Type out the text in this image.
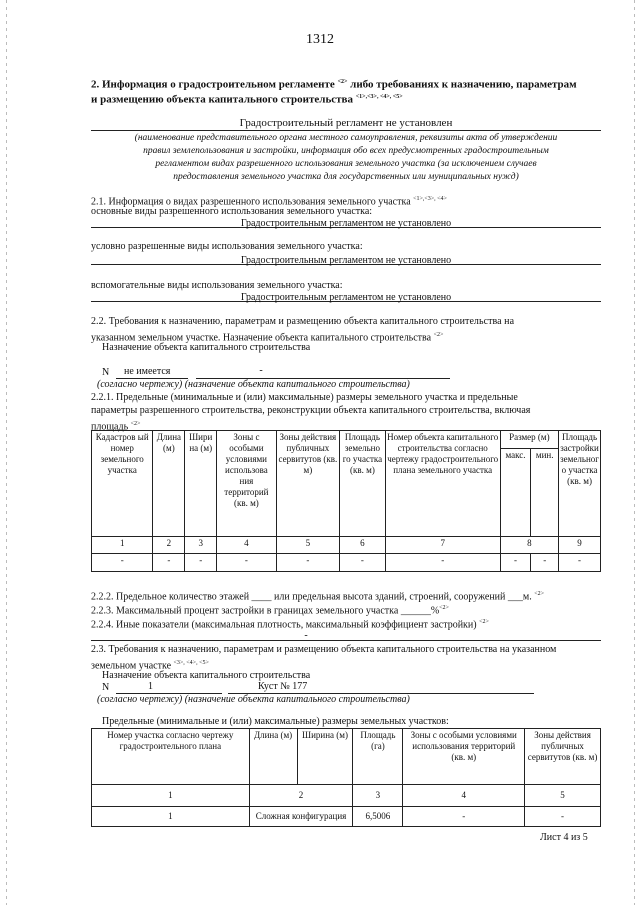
1312
2. Информация о градостроительном регламенте $^{<2>}$ либо требованиях к назначению, параметрам
и размещению объекта капитального строительства $^{<1>,<3>, <4>, <5>}$
Градостроительный регламент не установлен
(наименование представительного органа местного самоуправления, реквизиты акта об утверждении
правил землепользования и застройки, информация обо всех предусмотренных градостроительным
регламентом видах разрешенного использования земельного участка (за исключением случаев
предоставления земельного участка для государственных или муниципальных нужд)
2.1. Информация о видах разрешенного использования земельного участка $^{<1>,<3>, <4>}$
основные виды разрешенного использования земельного участка:
Градостроительным регламентом не установлено
условно разрешенные виды использования земельного участка:
Градостроительным регламентом не установлено
вспомогательные виды использования земельного участка:
Градостроительным регламентом не установлено
2.2. Требования к назначению, параметрам и размещению объекта капитального строительства на
указанном земельном участке. Назначение объекта капитального строительства $^{<2>}$
Назначение объекта капитального строительства
N не имеется	-
(согласно чертежу) (назначение объекта капитального строительства)
2.2.1. Предельные (минимальные и (или) максимальные) размеры земельного участка и предельные
параметры разрешенного строительства, реконструкции объекта капитального строительства, включая
площадь $^{<2>}$
Кадастров ый номер земельного участка	Длина (м)	Шири на (м)	Зоны с особыми условиями использова ния территорий (кв. м)	Зоны действия публичных сервитутов (кв. м)	Площадь земельно го участка (кв. м)	Номер объекта капитального строительства согласно чертежу градостроительного плана земельного участка	Размер (м)		Площадь застройки земельног о участка (кв. м)
							макс.	мин.	
1	2	3	4	5	6	7	8		9
-	-	-	-	-	-	-	-	-	-
2.2.2. Предельное количество этажей ____ или предельная высота зданий, строений, сооружений ___м. $^{<2>}$
2.2.3. Максимальный процент застройки в границах земельного участка ______%$^{<2>}$
2.2.4. Иные показатели (максимальная плотность, максимальный коэффициент застройки) $^{<2>}$
-
2.3. Требования к назначению, параметрам и размещению объекта капитального строительства на указанном
земельном участке $^{<3>, <4>, <5>}$
Назначение объекта капитального строительства
N	1	Куст № 177
(согласно чертежу) (назначение объекта капитального строительства)
Предельные (минимальные и (или) максимальные) размеры земельных участков:
Номер участка согласно чертежу градостроительного плана	Длина (м)	Ширина (м)	Площадь (га)	Зоны с особыми условиями использования территорий (кв. м)	Зоны действия публичных сервитутов (кв. м)
1	2		3	4	5
1	Сложная конфигурация		6,5006	-	-
Лист 4 из 5
